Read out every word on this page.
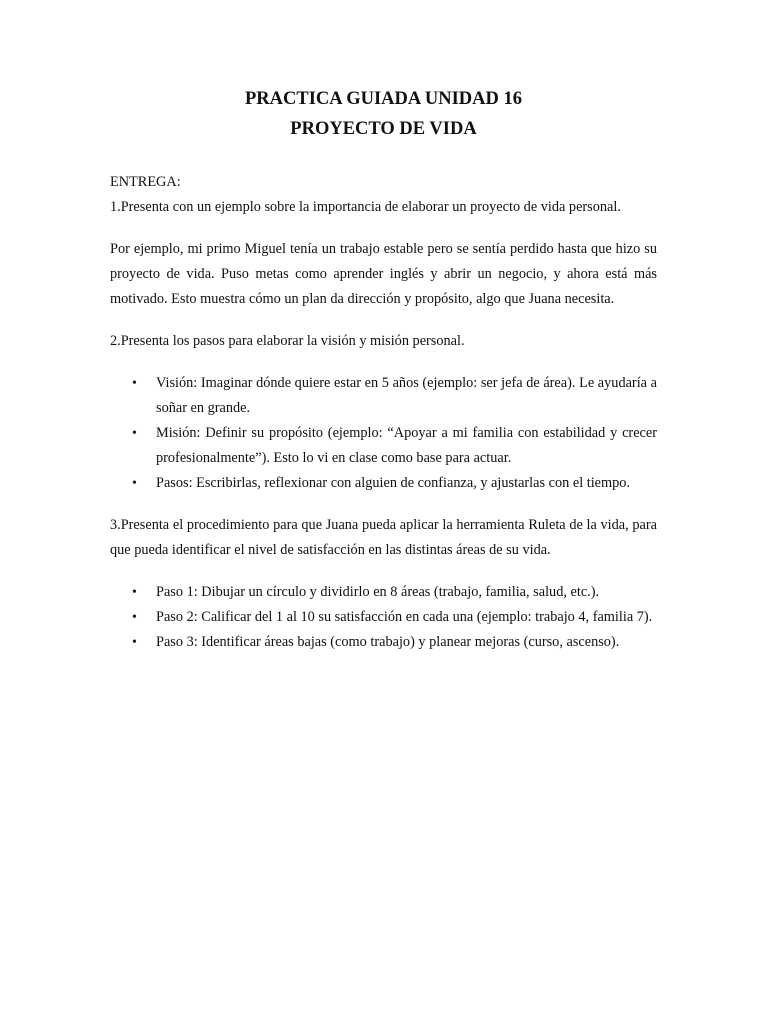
PRACTICA GUIADA UNIDAD 16
PROYECTO DE VIDA

ENTREGA:

1.Presenta con un ejemplo sobre la importancia de elaborar un proyecto de vida personal.

Por ejemplo, mi primo Miguel tenía un trabajo estable pero se sentía perdido hasta que hizo su proyecto de vida. Puso metas como aprender inglés y abrir un negocio, y ahora está más motivado. Esto muestra cómo un plan da dirección y propósito, algo que Juana necesita.

2.Presenta los pasos para elaborar la visión y misión personal.

• Visión: Imaginar dónde quiere estar en 5 años (ejemplo: ser jefa de área). Le ayudaría a soñar en grande.
• Misión: Definir su propósito (ejemplo: “Apoyar a mi familia con estabilidad y crecer profesionalmente”). Esto lo vi en clase como base para actuar.
• Pasos: Escribirlas, reflexionar con alguien de confianza, y ajustarlas con el tiempo.

3.Presenta el procedimiento para que Juana pueda aplicar la herramienta Ruleta de la vida, para que pueda identificar el nivel de satisfacción en las distintas áreas de su vida.

• Paso 1: Dibujar un círculo y dividirlo en 8 áreas (trabajo, familia, salud, etc.).
• Paso 2: Calificar del 1 al 10 su satisfacción en cada una (ejemplo: trabajo 4, familia 7).
• Paso 3: Identificar áreas bajas (como trabajo) y planear mejoras (curso, ascenso).
